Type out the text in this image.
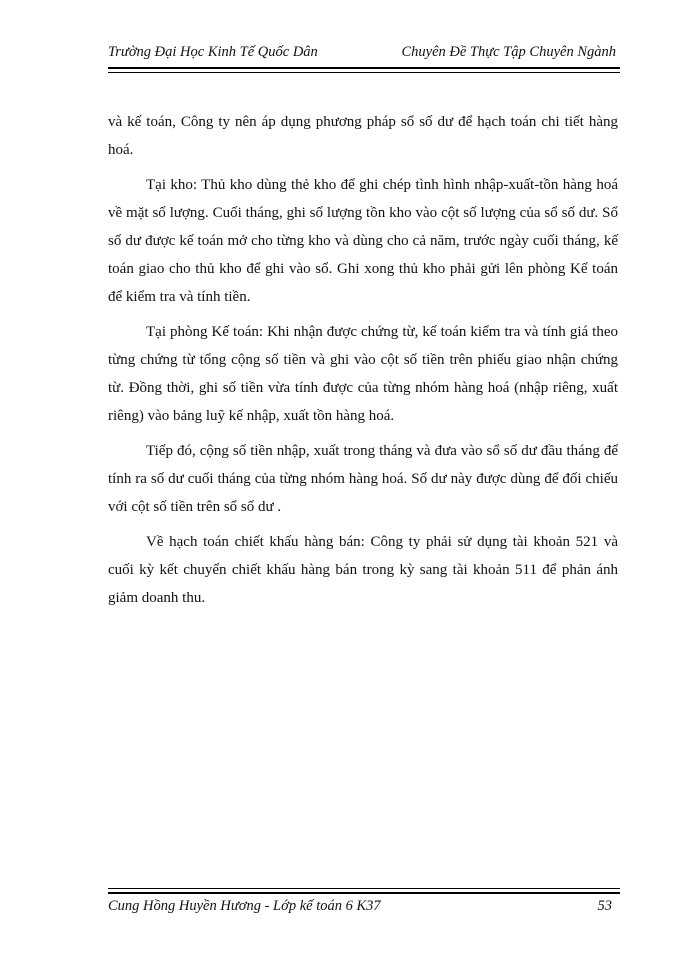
Trường Đại Học Kinh Tế Quốc Dân	Chuyên Đề Thực Tập Chuyên Ngành

và kế toán, Công ty nên áp dụng phương pháp sổ số dư để hạch toán chi tiết hàng hoá.

Tại kho: Thủ kho dùng thẻ kho để ghi chép tình hình nhập-xuất-tồn hàng hoá về mặt số lượng. Cuối tháng, ghi số lượng tồn kho vào cột số lượng của sổ số dư. Sổ số dư được kế toán mở cho từng kho và dùng cho cả năm, trước ngày cuối tháng, kế toán giao cho thủ kho để ghi vào sổ. Ghi xong thủ kho phải gửi lên phòng Kế toán để kiểm tra và tính tiền.

Tại phòng Kế toán: Khi nhận được chứng từ, kế toán kiểm tra và tính giá theo từng chứng từ tổng cộng số tiền và ghi vào cột số tiền trên phiếu giao nhận chứng từ. Đồng thời, ghi số tiền vừa tính được của từng nhóm hàng hoá (nhập riêng, xuất riêng) vào bảng luỹ kế nhập, xuất tồn hàng hoá.

Tiếp đó, cộng số tiền nhập, xuất trong tháng và đưa vào sổ số dư đầu tháng để tính ra số dư cuối tháng của từng nhóm hàng hoá. Số dư này được dùng để đối chiếu với cột số tiền trên sổ số dư .

Về hạch toán chiết khấu hàng bán: Công ty phải sử dụng tài khoản 521 và cuối kỳ kết chuyển chiết khấu hàng bán trong kỳ sang tài khoản 511 để phản ánh giảm doanh thu.

Cung Hồng Huyền Hương - Lớp kế toán 6 K37	53
